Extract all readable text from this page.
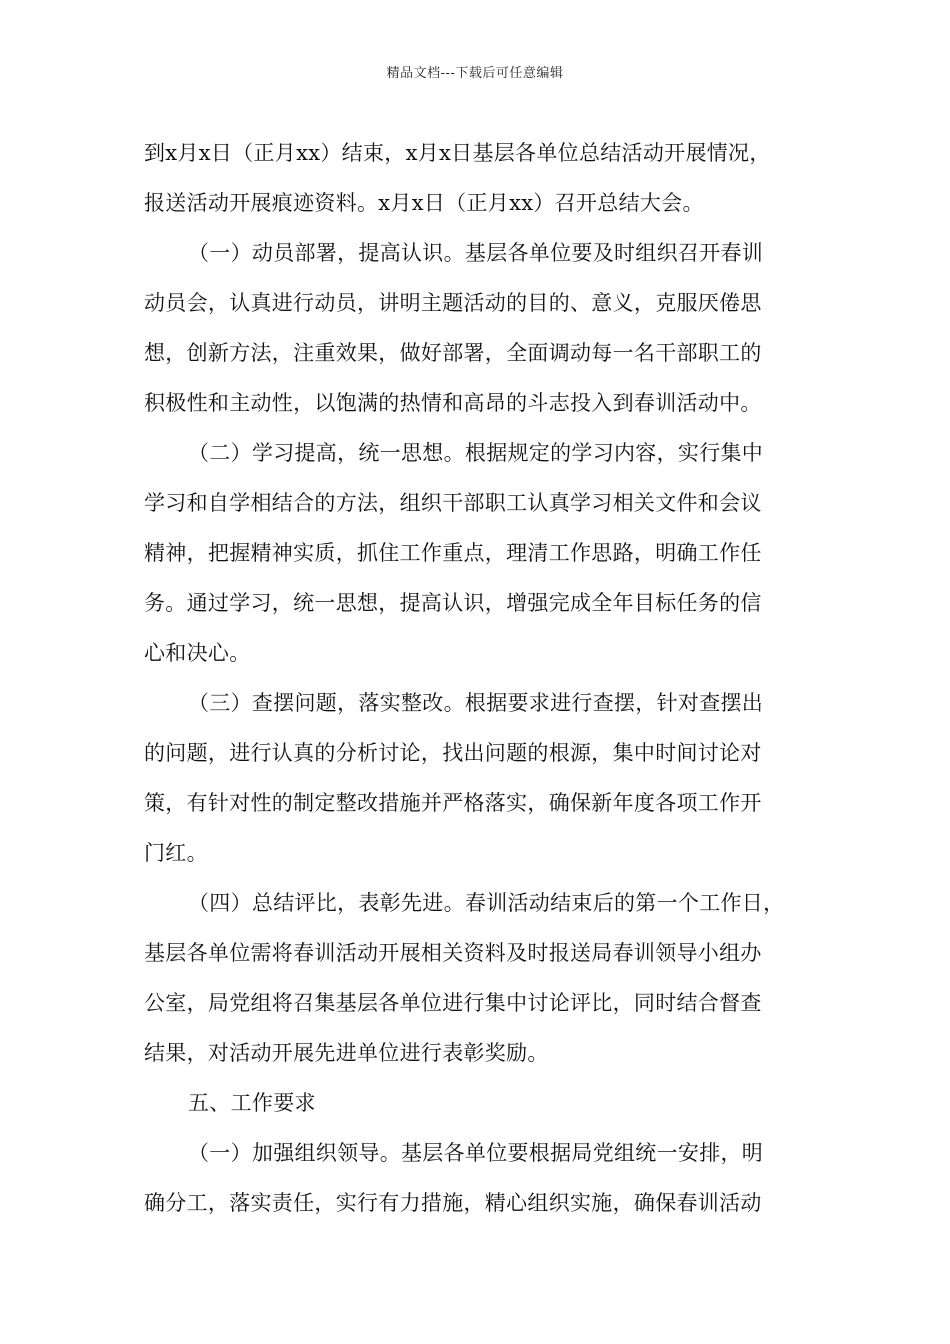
精品文档---下载后可任意编辑
到x月x日（正月xx）结束，x月x日基层各单位总结活动开展情况，
报送活动开展痕迹资料。x月x日（正月xx）召开总结大会。
（一）动员部署，提高认识。基层各单位要及时组织召开春训
动员会，认真进行动员，讲明主题活动的目的、意义，克服厌倦思
想，创新方法，注重效果，做好部署，全面调动每一名干部职工的
积极性和主动性，以饱满的热情和高昂的斗志投入到春训活动中。
（二）学习提高，统一思想。根据规定的学习内容，实行集中
学习和自学相结合的方法，组织干部职工认真学习相关文件和会议
精神，把握精神实质，抓住工作重点，理清工作思路，明确工作任
务。通过学习，统一思想，提高认识，增强完成全年目标任务的信
心和决心。
（三）查摆问题，落实整改。根据要求进行查摆，针对查摆出
的问题，进行认真的分析讨论，找出问题的根源，集中时间讨论对
策，有针对性的制定整改措施并严格落实，确保新年度各项工作开
门红。
（四）总结评比，表彰先进。春训活动结束后的第一个工作日，
基层各单位需将春训活动开展相关资料及时报送局春训领导小组办
公室，局党组将召集基层各单位进行集中讨论评比，同时结合督查
结果，对活动开展先进单位进行表彰奖励。
五、工作要求
（一）加强组织领导。基层各单位要根据局党组统一安排，明
确分工，落实责任，实行有力措施，精心组织实施，确保春训活动
